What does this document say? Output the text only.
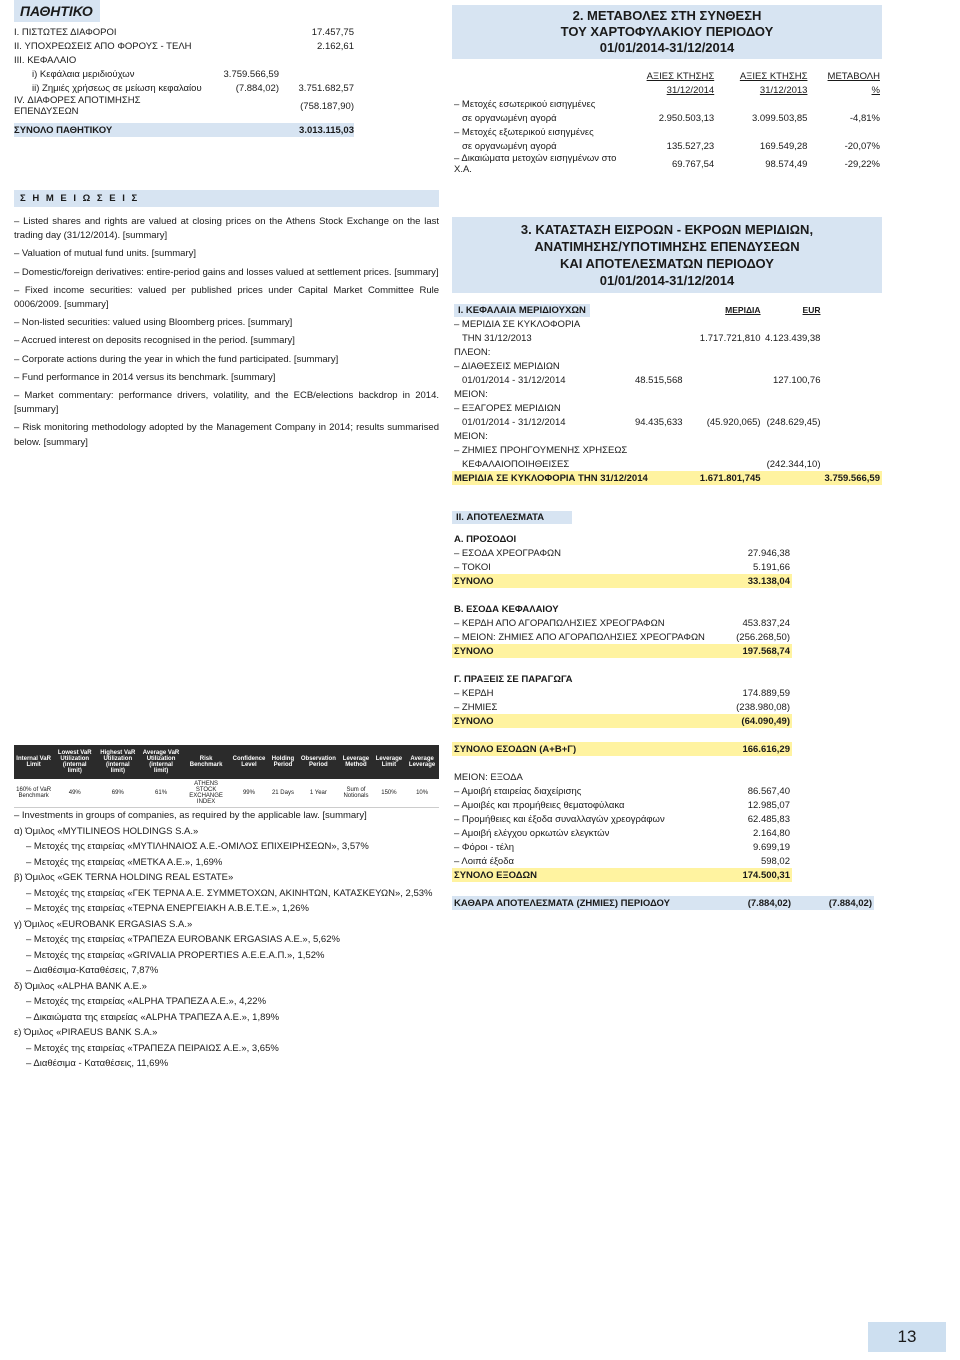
ΠΑΘΗΤΙΚΟ
I. ΠΙΣΤΩΤΕΣ ΔΙΑΦΟΡΟΙ	17.457,75
II. ΥΠΟΧΡΕΩΣΕΙΣ ΑΠΟ ΦΟΡΟΥΣ - ΤΕΛΗ	2.162,61
III. ΚΕΦΑΛΑΙΟ
i) Κεφάλαια μεριδιούχων	3.759.566,59
ii) Ζημιές χρήσεως σε μείωση κεφαλαίου	(7.884,02)	3.751.682,57
IV. ΔΙΑΦΟΡΕΣ ΑΠΟΤΙΜΗΣΗΣ ΕΠΕΝΔΥΣΕΩΝ	(758.187,90)
ΣΥΝΟΛΟ ΠΑΘΗΤΙΚΟΥ	3.013.115,03
Σ Η Μ Ε Ι Ω Σ Ε Ι Σ

– Listed shares and rights are valued at closing prices on the Athens Stock Exchange on the last trading day (31/12/2014). [summary]

– Valuation of mutual fund units. [summary]

– Domestic/foreign derivatives: entire-period gains and losses valued at settlement prices. [summary]

– Fixed income securities: valued per published prices under Capital Market Committee Rule 0006/2009. [summary]

– Non-listed securities: valued using Bloomberg prices. [summary]

– Accrued interest on deposits recognised in the period. [summary]

– Corporate actions during the year in which the fund participated. [summary]

– Fund performance in 2014 versus its benchmark. [summary]

– Market commentary: performance drivers, volatility, and the ECB/elections backdrop in 2014. [summary]

– Risk monitoring methodology adopted by the Management Company in 2014; results summarised below. [summary]

Internal VaR Limit	Lowest VaR Utilization (internal limit)	Highest VaR Utilization (internal limit)	Average VaR Utilization (internal limit)	Risk Benchmark	Confidence Level	Holding Period	Observation Period	Leverage Method	Leverage Limit	Average Leverage
160% of VaR Benchmark	49%	69%	61%	ATHENS STOCK EXCHANGE INDEX	99%	21 Days	1 Year	Sum of Notionals	150%	10%
– Investments in groups of companies, as required by the applicable law. [summary]
α) Όμιλος «MYTILINEOS HOLDINGS S.A.»
– Μετοχές της εταιρείας «ΜΥΤΙΛΗΝΑΙΟΣ Α.Ε.-ΟΜΙΛΟΣ ΕΠΙΧΕΙΡΗΣΕΩΝ», 3,57%
– Μετοχές της εταιρείας «ΜΕΤΚΑ Α.Ε.», 1,69%
β) Όμιλος «GEK TERNA HOLDING REAL ESTATE»
– Μετοχές της εταιρείας «ΓΕΚ ΤΕΡΝΑ Α.Ε. ΣΥΜΜΕΤΟΧΩΝ, ΑΚΙΝΗΤΩΝ, ΚΑΤΑΣΚΕΥΩΝ», 2,53%
– Μετοχές της εταιρείας «ΤΕΡΝΑ ΕΝΕΡΓΕΙΑΚΗ Α.Β.Ε.Τ.Ε.», 1,26%
γ) Όμιλος «EUROBANK ERGASIAS S.A.»
– Μετοχές της εταιρείας «ΤΡΑΠΕΖΑ EUROBANK ERGASIAS A.E.», 5,62%
– Μετοχές της εταιρείας «GRIVALIA PROPERTIES Α.Ε.Ε.Α.Π.», 1,52%
– Διαθέσιμα-Καταθέσεις, 7,87%
δ) Όμιλος «ALPHA BANK A.E.»
– Μετοχές της εταιρείας «ALPHA ΤΡΑΠΕΖΑ Α.Ε.», 4,22%
– Δικαιώματα της εταιρείας «ALPHA ΤΡΑΠΕΖΑ Α.Ε.», 1,89%
ε) Όμιλος «PIRAEUS BANK S.A.»
– Μετοχές της εταιρείας «ΤΡΑΠΕΖΑ ΠΕΙΡΑΙΩΣ Α.Ε.», 3,65%
– Διαθέσιμα - Καταθέσεις, 11,69%
2. ΜΕΤΑΒΟΛΕΣ ΣΤΗ ΣΥΝΘΕΣΗ
ΤΟΥ ΧΑΡΤΟΦΥΛΑΚΙΟΥ ΠΕΡΙΟΔΟΥ
01/01/2014-31/12/2014
	ΑΞΙΕΣ ΚΤΗΣΗΣ	ΑΞΙΕΣ ΚΤΗΣΗΣ	ΜΕΤΑΒΟΛΗ
	31/12/2014	31/12/2013	%
– Μετοχές εσωτερικού εισηγμένες			
σε οργανωμένη αγορά	2.950.503,13	3.099.503,85	-4,81%
– Μετοχές εξωτερικού εισηγμένες			
σε οργανωμένη αγορά	135.527,23	169.549,28	-20,07%
– Δικαιώματα μετοχών εισηγμένων στο Χ.Α.	69.767,54	98.574,49	-29,22%
3. ΚΑΤΑΣΤΑΣΗ ΕΙΣΡΟΩΝ - ΕΚΡΟΩΝ ΜΕΡΙΔΙΩΝ,
ΑΝΑΤΙΜΗΣΗΣ/ΥΠΟΤΙΜΗΣΗΣ ΕΠΕΝΔΥΣΕΩΝ
ΚΑΙ ΑΠΟΤΕΛΕΣΜΑΤΩΝ ΠΕΡΙΟΔΟΥ
01/01/2014-31/12/2014
I. ΚΕΦΑΛΑΙΑ ΜΕΡΙΔΙΟΥΧΩΝ		ΜΕΡΙΔΙΑ	EUR	
– ΜΕΡΙΔΙΑ ΣΕ ΚΥΚΛΟΦΟΡΙΑ				
ΤΗΝ 31/12/2013		1.717.721,810	4.123.439,38	
ΠΛΕΟΝ:				
– ΔΙΑΘΕΣΕΙΣ ΜΕΡΙΔΙΩΝ				
01/01/2014 - 31/12/2014	48.515,568		127.100,76	
ΜΕΙΟΝ:				
– ΕΞΑΓΟΡΕΣ ΜΕΡΙΔΙΩΝ				
01/01/2014 - 31/12/2014	94.435,633	(45.920,065)	(248.629,45)	
ΜΕΙΟΝ:				
– ΖΗΜΙΕΣ ΠΡΟΗΓΟΥΜΕΝΗΣ ΧΡΗΣΕΩΣ				
ΚΕΦΑΛΑΙΟΠΟΙΗΘΕΙΣΕΣ			(242.344,10)	
ΜΕΡΙΔΙΑ ΣΕ ΚΥΚΛΟΦΟΡΙΑ ΤΗΝ 31/12/2014		1.671.801,745		3.759.566,59
II. ΑΠΟΤΕΛΕΣΜΑΤΑ
Α. ΠΡΟΣΟΔΟΙ	
– ΕΣΟΔΑ ΧΡΕΟΓΡΑΦΩΝ	27.946,38
– ΤΟΚΟΙ	5.191,66
ΣΥΝΟΛΟ	33.138,04

Β. ΕΣΟΔΑ ΚΕΦΑΛΑΙΟΥ	
– ΚΕΡΔΗ ΑΠΟ ΑΓΟΡΑΠΩΛΗΣΙΕΣ ΧΡΕΟΓΡΑΦΩΝ	453.837,24
– ΜΕΙΟΝ: ΖΗΜΙΕΣ ΑΠΟ ΑΓΟΡΑΠΩΛΗΣΙΕΣ ΧΡΕΟΓΡΑΦΩΝ	(256.268,50)
ΣΥΝΟΛΟ	197.568,74

Γ. ΠΡΑΞΕΙΣ ΣΕ ΠΑΡΑΓΩΓΑ	
– ΚΕΡΔΗ	174.889,59
– ΖΗΜΙΕΣ	(238.980,08)
ΣΥΝΟΛΟ	(64.090,49)

ΣΥΝΟΛΟ ΕΣΟΔΩΝ (Α+Β+Γ)	166.616,29

ΜΕΙΟΝ: ΕΞΟΔΑ	
– Αμοιβή εταιρείας διαχείρισης	86.567,40
– Αμοιβές και προμήθειες θεματοφύλακα	12.985,07
– Προμήθειες και έξοδα συναλλαγών χρεογράφων	62.485,83
– Αμοιβή ελέγχου ορκωτών ελεγκτών	2.164,80
– Φόροι - τέλη	9.699,19
– Λοιπά έξοδα	598,02
ΣΥΝΟΛΟ ΕΞΟΔΩΝ	174.500,31
ΚΑΘΑΡΑ ΑΠΟΤΕΛΕΣΜΑΤΑ (ΖΗΜΙΕΣ) ΠΕΡΙΟΔΟΥ	(7.884,02)	(7.884,02)
13
